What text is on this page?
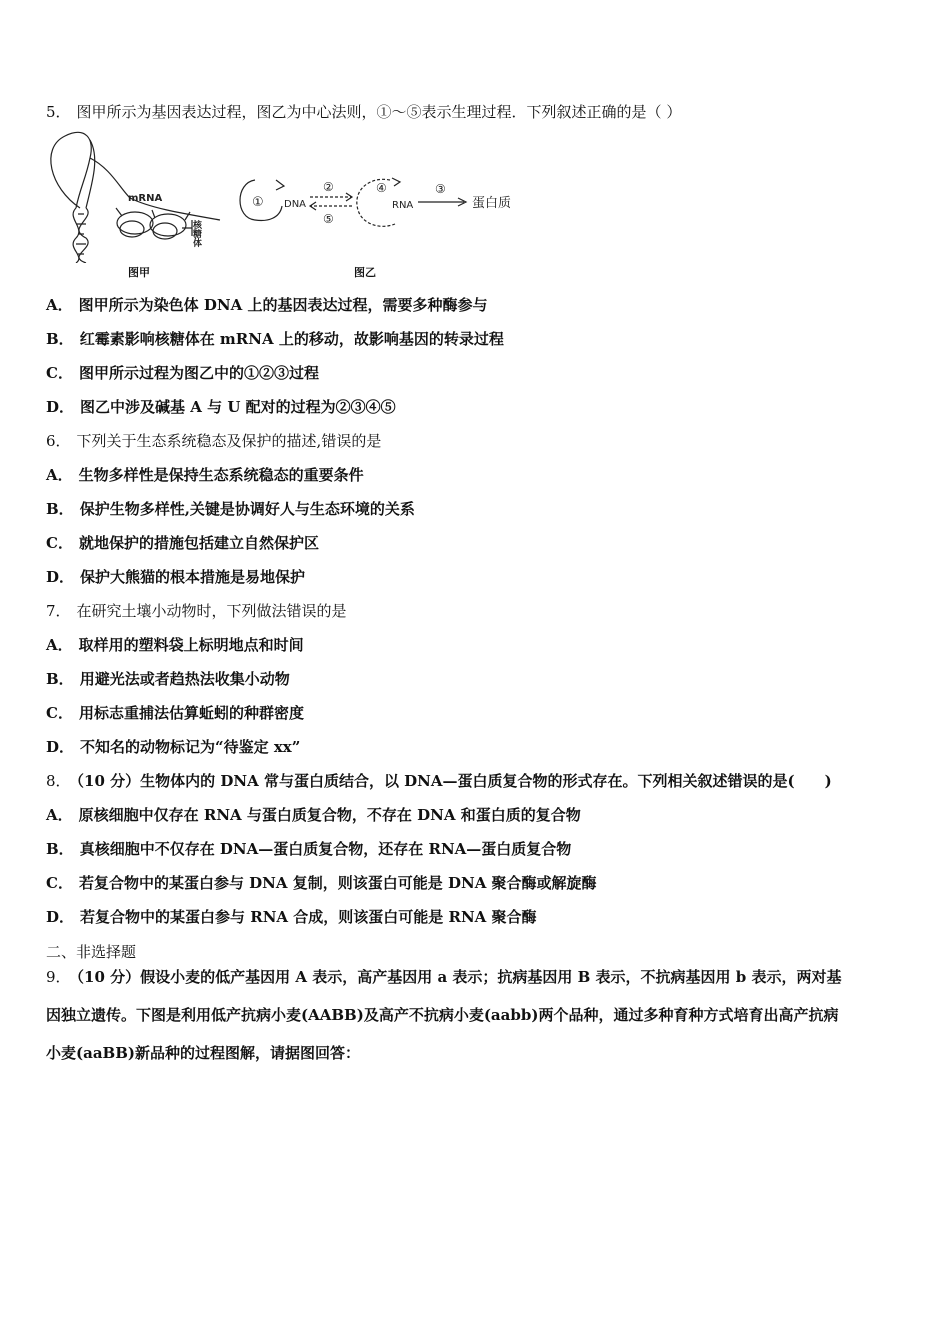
5． 图甲所示为基因表达过程，图乙为中心法则，①～⑤表示生理过程．下列叙述正确的是（ ）
mRNA
核糖体
① DNA
②
⑤
④
RNA
③
蛋白质
图甲	图乙
A． 图甲所示为染色体 DNA 上的基因表达过程，需要多种酶参与
B． 红霉素影响核糖体在 mRNA 上的移动，故影响基因的转录过程
C． 图甲所示过程为图乙中的①②③过程
D． 图乙中涉及碱基 A 与 U 配对的过程为②③④⑤
6． 下列关于生态系统稳态及保护的描述,错误的是
A． 生物多样性是保持生态系统稳态的重要条件
B． 保护生物多样性,关键是协调好人与生态环境的关系
C． 就地保护的措施包括建立自然保护区
D． 保护大熊猫的根本措施是易地保护
7． 在研究土壤小动物时，下列做法错误的是
A． 取样用的塑料袋上标明地点和时间
B． 用避光法或者趋热法收集小动物
C． 用标志重捕法估算蚯蚓的种群密度
D． 不知名的动物标记为“待鉴定 xx”
8． （10 分）生物体内的 DNA 常与蛋白质结合，以 DNA—蛋白质复合物的形式存在。下列相关叙述错误的是(　　)
A． 原核细胞中仅存在 RNA 与蛋白质复合物，不存在 DNA 和蛋白质的复合物
B． 真核细胞中不仅存在 DNA—蛋白质复合物，还存在 RNA—蛋白质复合物
C． 若复合物中的某蛋白参与 DNA 复制，则该蛋白可能是 DNA 聚合酶或解旋酶
D． 若复合物中的某蛋白参与 RNA 合成，则该蛋白可能是 RNA 聚合酶
二、非选择题
9． （10 分）假设小麦的低产基因用 A 表示，高产基因用 a 表示；抗病基因用 B 表示，不抗病基因用 b 表示，两对基
因独立遗传。下图是利用低产抗病小麦(AABB)及高产不抗病小麦(aabb)两个品种，通过多种育种方式培育出高产抗病
小麦(aaBB)新品种的过程图解，请据图回答：
